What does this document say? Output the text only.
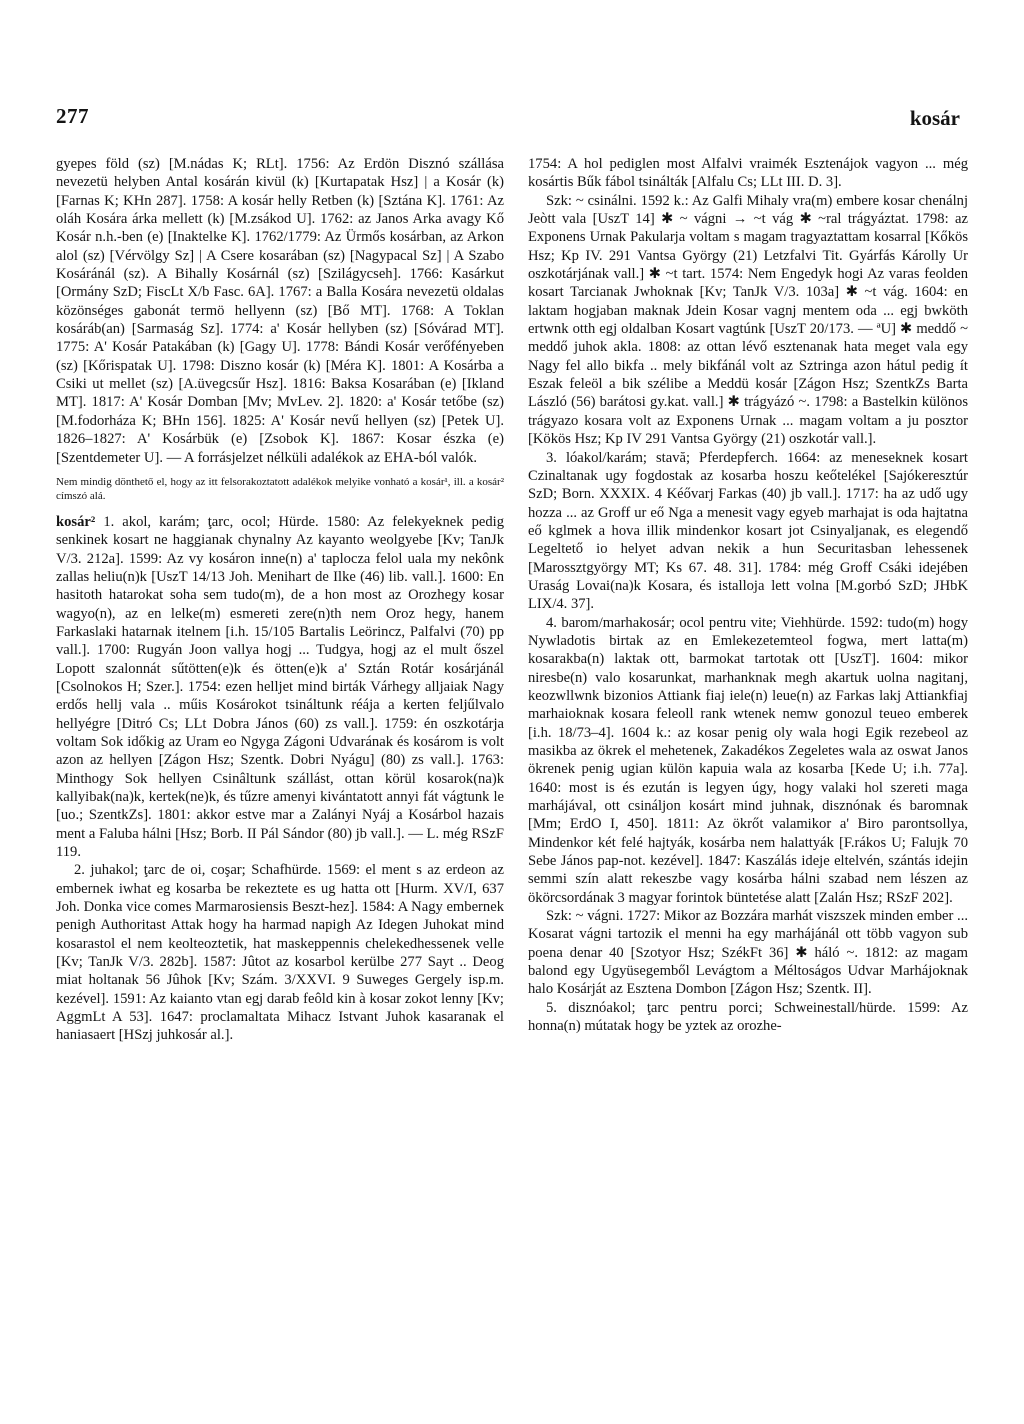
277	kosár

gyepes föld (sz) [M.nádas K; RLt]. 1756: Az Erdön Disznó szállása nevezetü helyben Antal kosárán kivül (k) [Kurtapatak Hsz] | a Kosár (k) [Farnas K; KHn 287]. 1758: A kosár helly Retben (k) [Sztána K]. 1761: Az oláh Kosára árka mellett (k) [M.zsákod U]. 1762: az Janos Arka avagy Kő Kosár n.h.-ben (e) [Inaktelke K]. 1762/1779: Az Ürmős kosárban, az Arkon alol (sz) [Vérvölgy Sz] | A Csere kosarában (sz) [Nagypacal Sz] | A Szabo Kosáránál (sz). A Bihally Kosárnál (sz) [Szilágycseh]. 1766: Kasárkut [Ormány SzD; FiscLt X/b Fasc. 6A]. 1767: a Balla Kosára nevezetü oldalas közönséges gabonát termö hellyenn (sz) [Bő MT]. 1768: A Toklan kosáráb(an) [Sarmaság Sz]. 1774: a' Kosár hellyben (sz) [Sóvárad MT]. 1775: A' Kosár Patakában (k) [Gagy U]. 1778: Bándi Kosár verőfényeben (sz) [Kőrispatak U]. 1798: Diszno kosár (k) [Méra K]. 1801: A Kosárba a Csiki ut mellet (sz) [A.üvegcsűr Hsz]. 1816: Baksa Kosarában (e) [Ikland MT]. 1817: A' Kosár Domban [Mv; MvLev. 2]. 1820: a' Kosár tetőbe (sz) [M.fodorháza K; BHn 156]. 1825: A' Kosár nevű hellyen (sz) [Petek U]. 1826–1827: A' Kosárbük (e) [Zsobok K]. 1867: Kosar észka (e) [Szentdemeter U]. — A forrásjelzet nélküli adalékok az EHA-ból valók.

Nem mindig dönthető el, hogy az itt felsorakoztatott adalékok melyike vonható a kosár¹, ill. a kosár² címszó alá.

kosár² 1. akol, karám; ţarc, ocol; Hürde. 1580: Az felekyeknek pedig senkinek kosart ne haggianak chynalny Az kayanto weolgyebe [Kv; TanJk V/3. 212a]. 1599: Az vy kosáron inne(n) a' taplocza felol uala my nekônk zallas heliu(n)k [UszT 14/13 Joh. Menihart de Ilke (46) lib. vall.]. 1600: En hasitoth hatarokat soha sem tudo(m), de a hon most az Orozhegy kosar wagyo(n), az en lelke(m) esmereti zere(n)th nem Oroz hegy, hanem Farkaslaki hatarnak itelnem [i.h. 15/105 Bartalis Leörincz, Palfalvi (70) pp vall.]. 1700: Rugyán Joon vallya hogj ... Tudgya, hogj az el mult őszel Lopott szalonnát sűtötten(e)k és ötten(e)k a' Sztán Rotár kosárjánál [Csolnokos H; Szer.]. 1754: ezen helljet mind birták Várhegy alljaiak Nagy erdős hellj vala .. műis Kosárokot tsináltunk réája a kerten feljűlvalo hellyégre [Ditró Cs; LLt Dobra János (60) zs vall.]. 1759: én oszkotárja voltam Sok időkig az Uram eo Ngyga Zágoni Udvarának és kosárom is volt azon az hellyen [Zágon Hsz; Szentk. Dobri Nyágu] (80) zs vall.]. 1763: Minthogy Sok hellyen Csinâltunk szállást, ottan körül kosarok(na)k kallyibak(na)k, kertek(ne)k, és tűzre amenyi kivántatott annyi fát vágtunk le [uo.; SzentkZs]. 1801: akkor estve mar a Zalányi Nyáj a Kosárbol hazais ment a Faluba hálni [Hsz; Borb. II Pál Sándor (80) jb vall.]. — L. még RSzF 119.

2. juhakol; ţarc de oi, coşar; Schafhürde. 1569: el ment s az erdeon az embernek iwhat eg kosarba be rekeztete es ug hatta ott [Hurm. XV/I, 637 Joh. Donka vice comes Marmarosiensis Beszt-hez]. 1584: A Nagy embernek penigh Authoritast Attak hogy ha harmad napigh Az Idegen Juhokat mind kosarastol el nem keolteoztetik, hat maskeppennis chelekedhessenek velle [Kv; TanJk V/3. 282b]. 1587: Jûtot az kosarbol kerülbe 277 Sayt .. Deog miat holtanak 56 Jûhok [Kv; Szám. 3/XXVI. 9 Suweges Gergely isp.m. kezével]. 1591: Az kaianto vtan egj darab feôld kin à kosar zokot lenny [Kv; AggmLt A 53]. 1647: proclamaltata Mihacz Istvant Juhok kasaranak el haniasaert [HSzj juhkosár al.].

1754: A hol pediglen most Alfalvi vraimék Esztenájok vagyon ... még kosártis Bűk fábol tsinálták [Alfalu Cs; LLt III. D. 3].

Szk: ~ csinálni. 1592 k.: Az Galfi Mihaly vra(m) embere kosar chenálnj Jeòtt vala [UszT 14] ✱ ~ vágni → ~t vág ✱ ~ral trágyáztat. 1798: az Exponens Urnak Pakularja voltam s magam tragyaztattam kosarral [Kőkös Hsz; Kp IV. 291 Vantsa György (21) Letzfalvi Tit. Gyárfás Károlly Ur oszkotárjának vall.] ✱ ~t tart. 1574: Nem Engedyk hogi Az varas feolden kosart Tarcianak Jwhoknak [Kv; TanJk V/3. 103a] ✱ ~t vág. 1604: en laktam hogjaban maknak Jdein Kosar vagnj mentem oda ... egj bwköth ertwnk otth egj oldalban Kosart vagtúnk [UszT 20/173. — ªU] ✱ meddő ~ meddő juhok akla. 1808: az ottan lévő esztenanak hata meget vala egy Nagy fel allo bikfa .. mely bikfánál volt az Sztringa azon hátul pedig ít Eszak feleöl a bik szélibe a Meddü kosár [Zágon Hsz; SzentkZs Barta László (56) barátosi gy.kat. vall.] ✱ trágyázó ~. 1798: a Bastelkin különos trágyazo kosara volt az Exponens Urnak ... magam voltam a ju posztor [Kökös Hsz; Kp IV 291 Vantsa György (21) oszkotár vall.].

3. lóakol/karám; stavă; Pferdepferch. 1664: az meneseknek kosart Czinaltanak ugy fogdostak az kosarba hoszu keőtelékel [Sajókeresztúr SzD; Born. XXXIX. 4 Kéővarj Farkas (40) jb vall.]. 1717: ha az udő ugy hozza ... az Groff ur eő Nga a menesit vagy egyeb marhajat is oda hajtatna eő kglmek a hova illik mindenkor kosart jot Csinyaljanak, es elegendő Legeltető io helyet advan nekik a hun Securitasban lehessenek [Marossztgyörgy MT; Ks 67. 48. 31]. 1784: még Groff Csáki idejében Uraság Lovai(na)k Kosara, és istalloja lett volna [M.gorbó SzD; JHbK LIX/4. 37].

4. barom/marhakosár; ocol pentru vite; Viehhürde. 1592: tudo(m) hogy Nywladotis birtak az en Emlekezetemteol fogwa, mert latta(m) kosarakba(n) laktak ott, barmokat tartotak ott [UszT]. 1604: mikor niresbe(n) valo kosarunkat, marhanknak megh akartuk uolna nagitanj, keozwllwnk bizonios Attiank fiaj iele(n) leue(n) az Farkas lakj Attiankfiaj marhaioknak kosara feleoll rank wtenek nemw gonozul teueo emberek [i.h. 18/73–4]. 1604 k.: az kosar penig oly wala hogi Egik rezebeol az masikba az ökrek el mehetenek, Zakadékos Zegeletes wala az oswat Janos ökrenek penig ugian külön kapuia wala az kosarba [Kede U; i.h. 77a]. 1640: most is és ezután is legyen úgy, hogy valaki hol szereti maga marhájával, ott csináljon kosárt mind juhnak, disznónak és baromnak [Mm; ErdO I, 450]. 1811: Az ökrőt valamikor a' Biro parontsollya, Mindenkor két felé hajtyák, kosárba nem halattyák [F.rákos U; Falujk 70 Sebe János pap-not. kezével]. 1847: Kaszálás ideje eltelvén, szántás idejin semmi szín alatt rekeszbe vagy kosárba hálni szabad nem lészen az ökörcsordának 3 magyar forintok büntetése alatt [Zalán Hsz; RSzF 202].

Szk: ~ vágni. 1727: Mikor az Bozzára marhát viszszek minden ember ... Kosarat vágni tartozik el menni ha egy marhájánál ott több vagyon sub poena denar 40 [Szotyor Hsz; SzékFt 36] ✱ háló ~. 1812: az magam balond egy Ugyüsegemből Levágtom a Méltoságos Udvar Marhájoknak halo Kosárját az Esztena Dombon [Zágon Hsz; Szentk. II].

5. disznóakol; ţarc pentru porci; Schweinestall/hürde. 1599: Az honna(n) mútatak hogy be yztek az orozhe-
